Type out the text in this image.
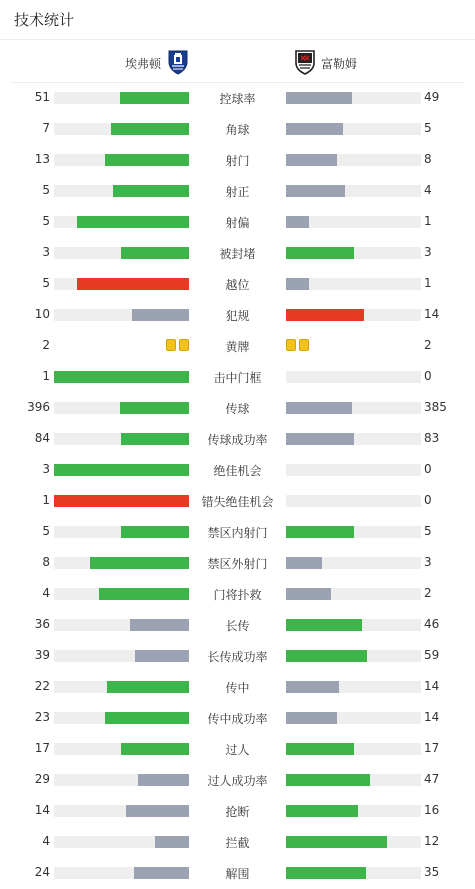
技术统计
埃弗顿	富勒姆
51	控球率	49
7	角球	5
13	射门	8
5	射正	4
5	射偏	1
3	被封堵	3
5	越位	1
10	犯规	14
2	黄牌	2
1	击中门框	0
396	传球	385
84	传球成功率	83
3	绝佳机会	0
1	错失绝佳机会	0
5	禁区内射门	5
8	禁区外射门	3
4	门将扑救	2
36	长传	46
39	长传成功率	59
22	传中	14
23	传中成功率	14
17	过人	17
29	过人成功率	47
14	抢断	16
4	拦截	12
24	解围	35
